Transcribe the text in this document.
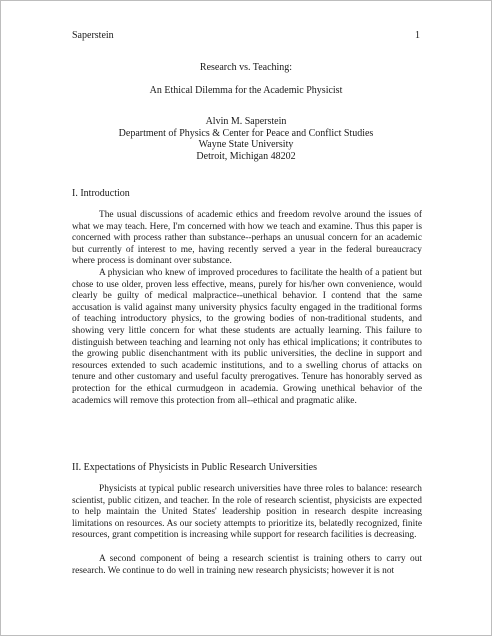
Saperstein	1
Research vs. Teaching:
An Ethical Dilemma for the Academic Physicist
Alvin M. Saperstein
Department of Physics & Center for Peace and Conflict Studies
Wayne State University
Detroit, Michigan 48202
I. Introduction

The usual discussions of academic ethics and freedom revolve around the issues of what we may teach. Here, I'm concerned with how we teach and examine. Thus this paper is concerned with process rather than substance--perhaps an unusual concern for an academic but currently of interest to me, having recently served a year in the federal bureaucracy where process is dominant over substance.

A physician who knew of improved procedures to facilitate the health of a patient but chose to use older, proven less effective, means, purely for his/her own convenience, would clearly be guilty of medical malpractice--unethical behavior. I contend that the same accusation is valid against many university physics faculty engaged in the traditional forms of teaching introductory physics, to the growing bodies of non-traditional students, and showing very little concern for what these students are actually learning. This failure to distinguish between teaching and learning not only has ethical implications; it contributes to the growing public disenchantment with its public universities, the decline in support and resources extended to such academic institutions, and to a swelling chorus of attacks on tenure and other customary and useful faculty prerogatives. Tenure has honorably served as protection for the ethical curmudgeon in academia. Growing unethical behavior of the academics will remove this protection from all--ethical and pragmatic alike.

II. Expectations of Physicists in Public Research Universities

Physicists at typical public research universities have three roles to balance: research scientist, public citizen, and teacher. In the role of research scientist, physicists are expected to help maintain the United States' leadership position in research despite increasing limitations on resources. As our society attempts to prioritize its, belatedly recognized, finite resources, grant competition is increasing while support for research facilities is decreasing.

A second component of being a research scientist is training others to carry out research. We continue to do well in training new research physicists; however it is not
